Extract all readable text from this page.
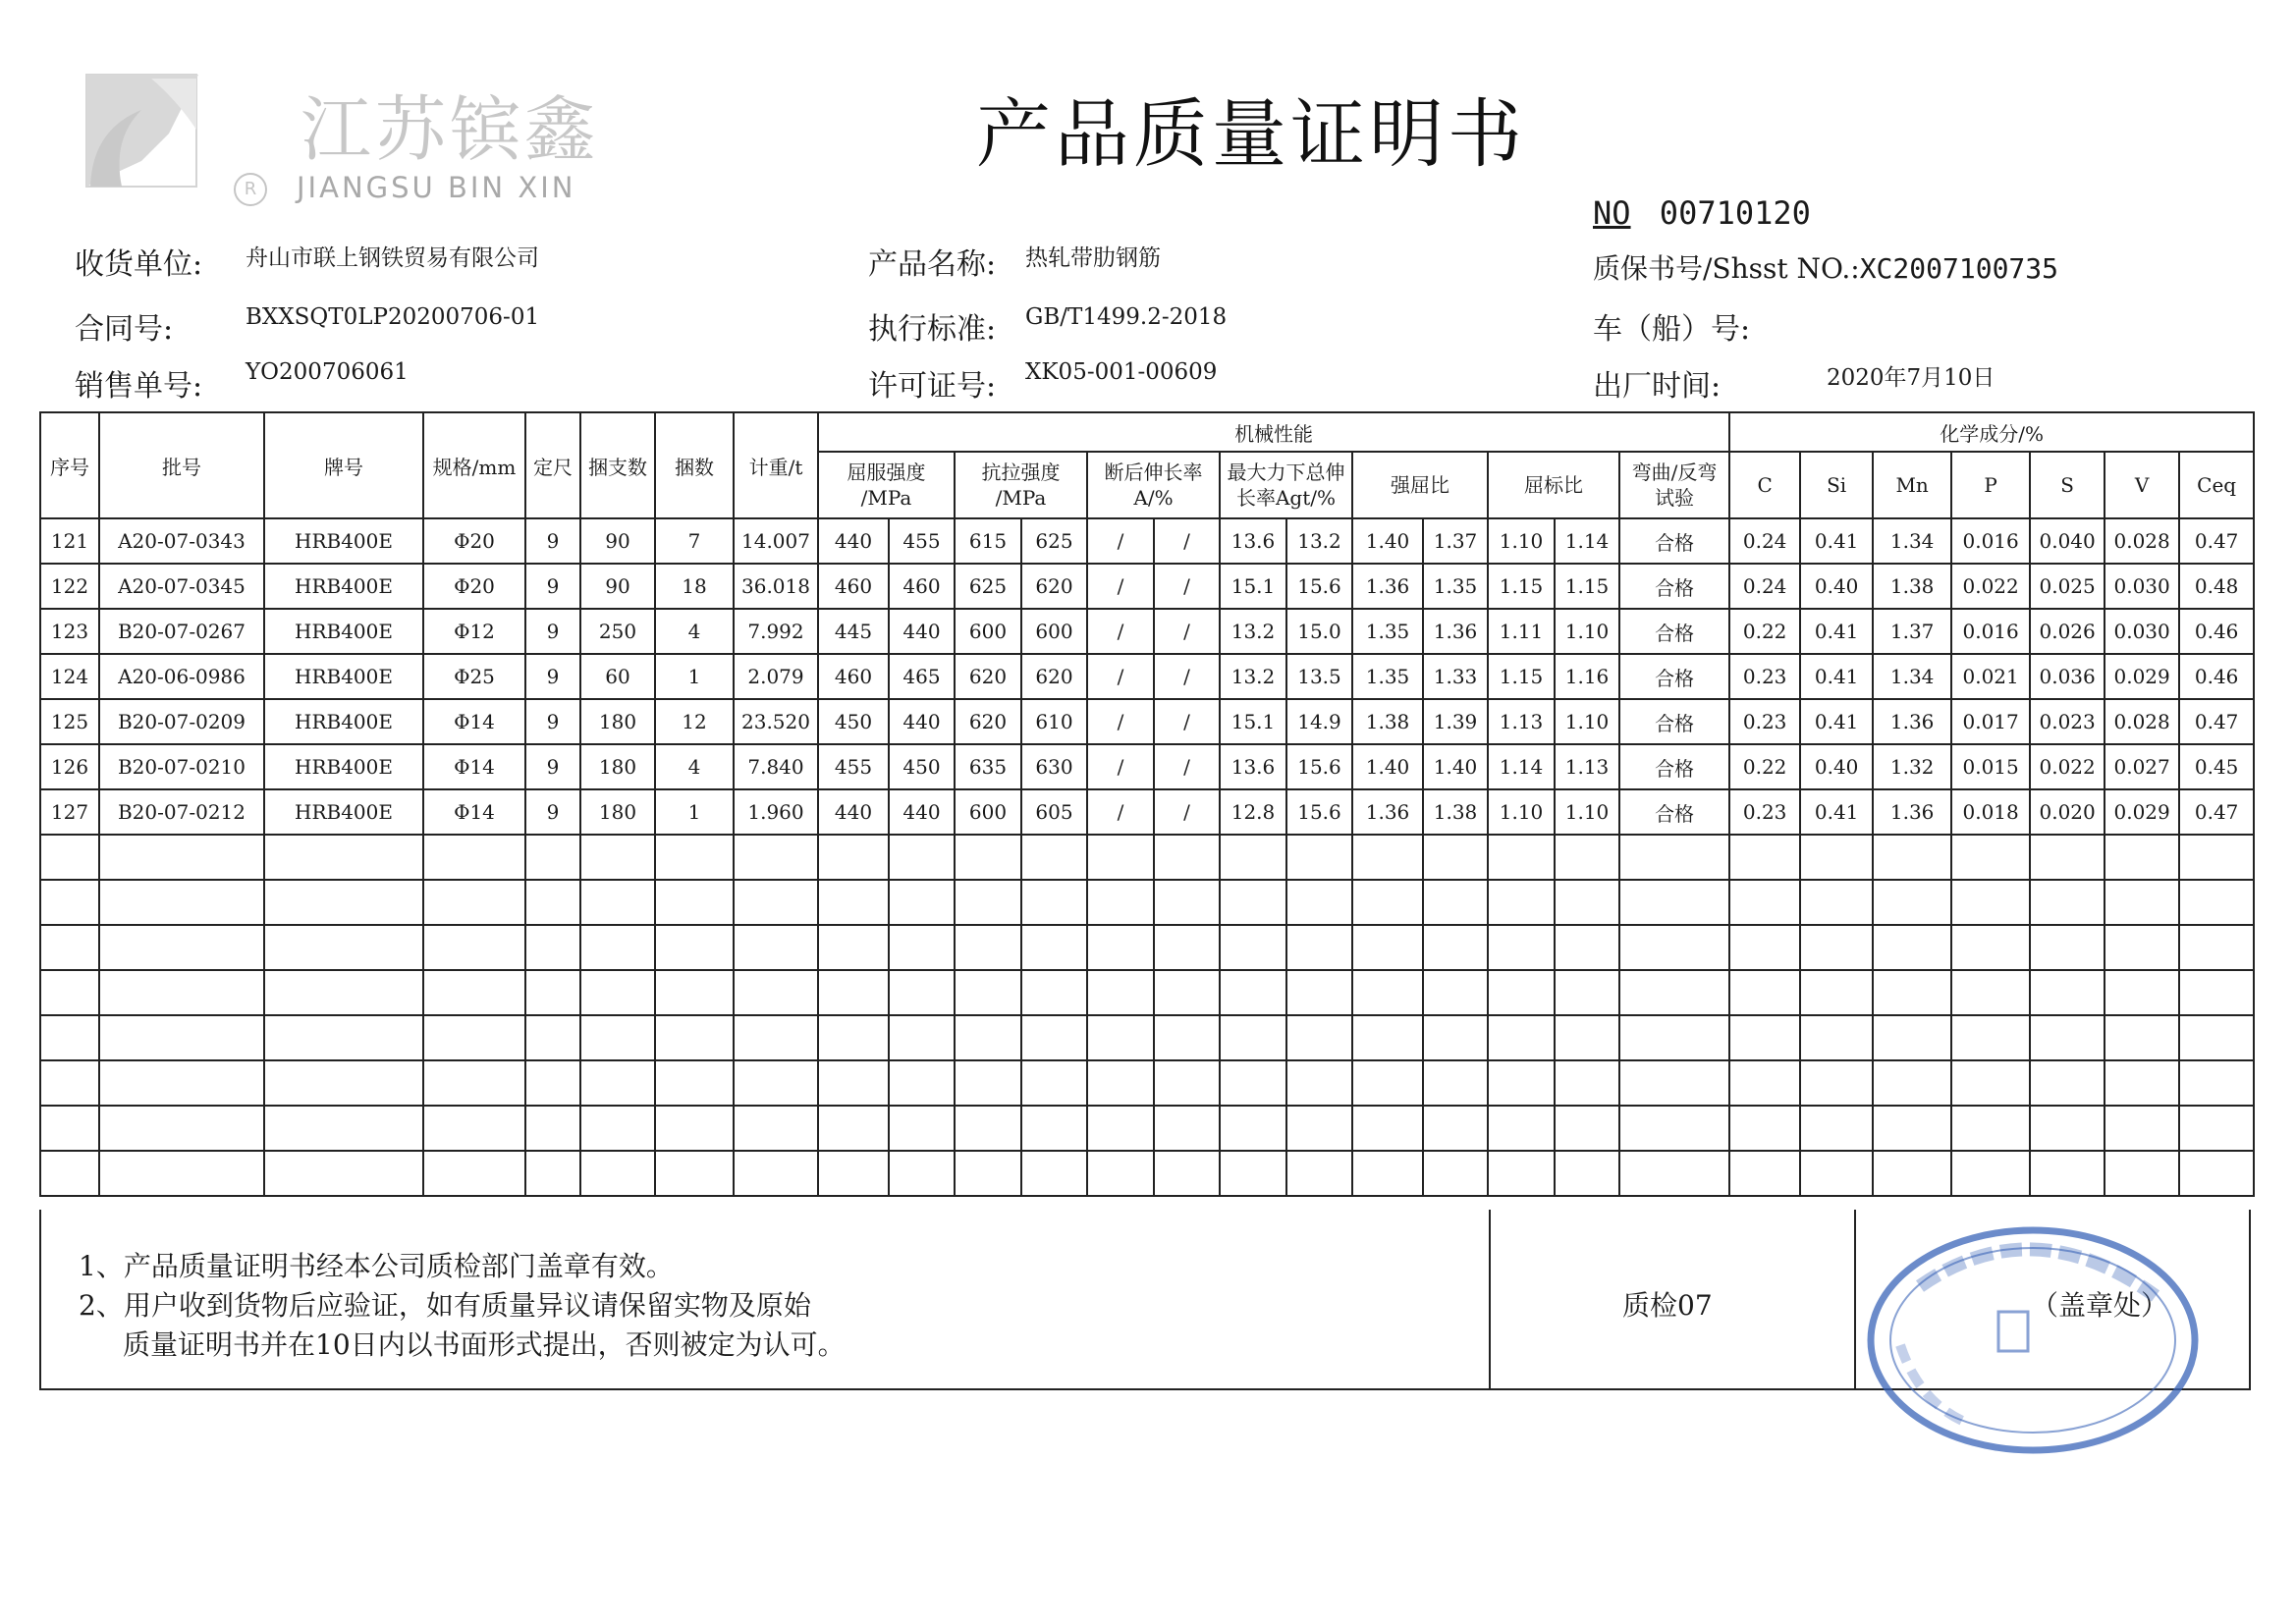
江苏镔鑫
R	JIANGSU BIN XIN
产品质量证明书
NO 00710120
收货单位: 舟山市联上钢铁贸易有限公司
合同号:	BXXSQT0LP20200706-01
销售单号: YO200706061
产品名称: 热轧带肋钢筋
执行标准: GB/T1499.2-2018
许可证号: XK05-001-00609
质保书号/Shsst NO.:XC2007100735
车（船）号:
出厂时间:	2020年7月10日
序号	批号	牌号	规格/mm	定尺	捆支数	捆数	计重/t	机械性能													化学成分/%						
								屈服强度 /MPa		抗拉强度 /MPa		断后伸长率 A/%		最大力下总伸 长率Agt/%		强屈比		屈标比		弯曲/反弯 试验	C	Si	Mn	P	S	V	Ceq
121	A20-07-0343	HRB400E	Φ20	9	90	7	14.007	440	455	615	625	/	/	13.6	13.2	1.40	1.37	1.10	1.14	合格	0.24	0.41	1.34	0.016	0.040	0.028	0.47
122	A20-07-0345	HRB400E	Φ20	9	90	18	36.018	460	460	625	620	/	/	15.1	15.6	1.36	1.35	1.15	1.15	合格	0.24	0.40	1.38	0.022	0.025	0.030	0.48
123	B20-07-0267	HRB400E	Φ12	9	250	4	7.992	445	440	600	600	/	/	13.2	15.0	1.35	1.36	1.11	1.10	合格	0.22	0.41	1.37	0.016	0.026	0.030	0.46
124	A20-06-0986	HRB400E	Φ25	9	60	1	2.079	460	465	620	620	/	/	13.2	13.5	1.35	1.33	1.15	1.16	合格	0.23	0.41	1.34	0.021	0.036	0.029	0.46
125	B20-07-0209	HRB400E	Φ14	9	180	12	23.520	450	440	620	610	/	/	15.1	14.9	1.38	1.39	1.13	1.10	合格	0.23	0.41	1.36	0.017	0.023	0.028	0.47
126	B20-07-0210	HRB400E	Φ14	9	180	4	7.840	455	450	635	630	/	/	13.6	15.6	1.40	1.40	1.14	1.13	合格	0.22	0.40	1.32	0.015	0.022	0.027	0.45
127	B20-07-0212	HRB400E	Φ14	9	180	1	1.960	440	440	600	605	/	/	12.8	15.6	1.36	1.38	1.10	1.10	合格	0.23	0.41	1.36	0.018	0.020	0.029	0.47

1、产品质量证明书经本公司质检部门盖章有效。
2、用户收到货物后应验证，如有质量异议请保留实物及原始
质量证明书并在10日内以书面形式提出，否则被定为认可。
质检07	（盖章处）
